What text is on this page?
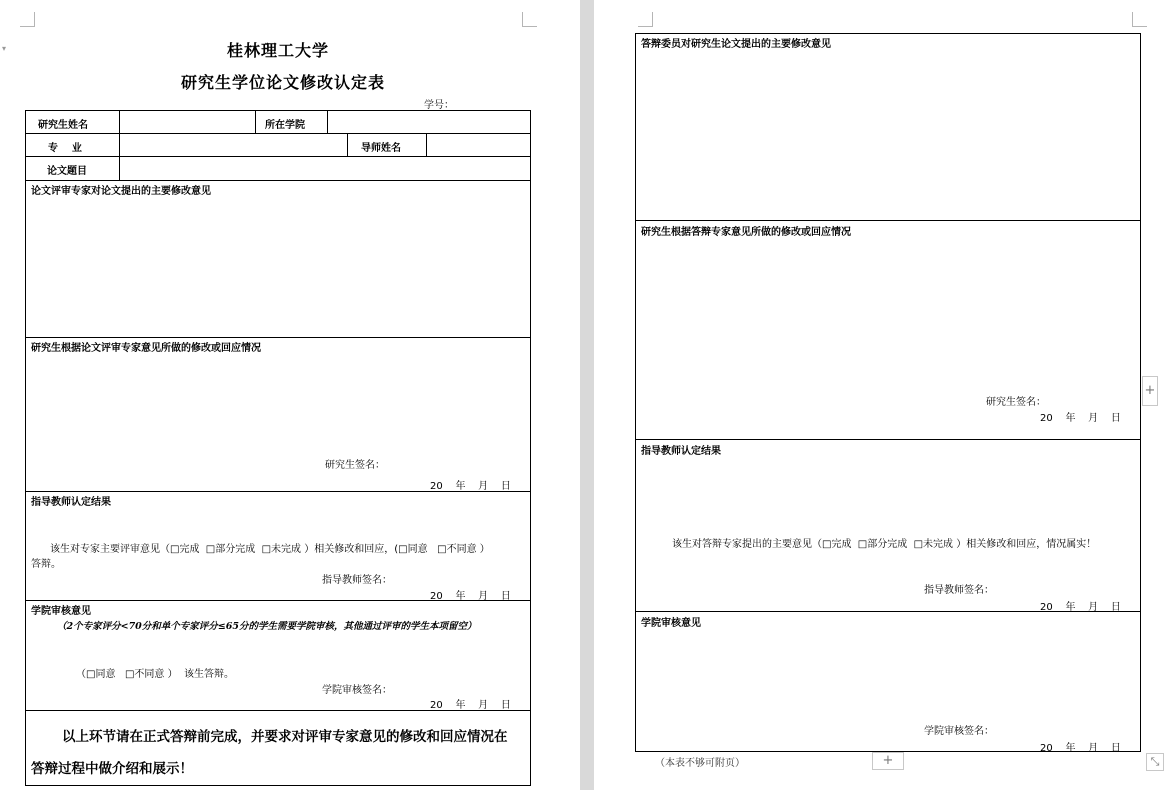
▾	桂林理工大学
研究生学位论文修改认定表
学号：
研究生姓名	所在学院
专    业	导师姓名
论文题目
论文评审专家对论文提出的主要修改意见
研究生根据论文评审专家意见所做的修改或回应情况
研究生签名：
20    年    月    日
指导教师认定结果
该生对专家主要评审意见（□完成  □部分完成  □未完成 ）相关修改和回应，(□同意   □不同意 ）
答辩。
指导教师签名：
20    年    月    日
学院审核意见
（2个专家评分<70分和单个专家评分≤65分的学生需要学院审核，其他通过评审的学生本项留空）
（□同意   □不同意 ）  该生答辩。
学院审核签名：
20    年    月    日
以上环节请在正式答辩前完成，并要求对评审专家意见的修改和回应情况在
答辩过程中做介绍和展示！
答辩委员对研究生论文提出的主要修改意见
研究生根据答辩专家意见所做的修改或回应情况
研究生签名：
20    年    月    日
指导教师认定结果
该生对答辩专家提出的主要意见（□完成  □部分完成  □未完成 ）相关修改和回应，情况属实！
指导教师签名：
20    年    月    日
学院审核意见
学院审核签名：
20    年    月    日
（本表不够可附页）	+
+
⤡
